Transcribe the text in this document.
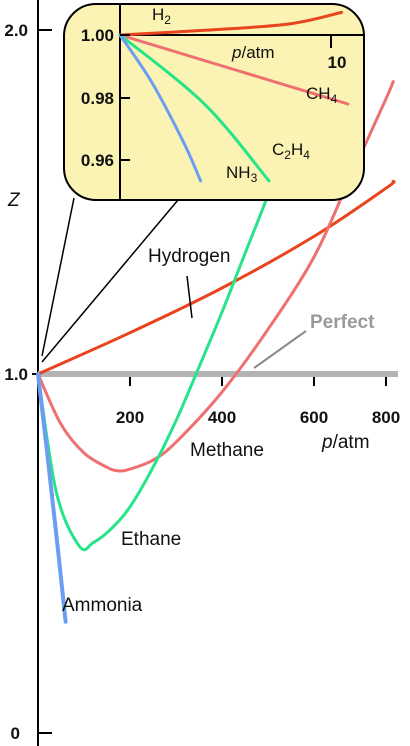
2.0
1.0
0
Z
200	400	600	800
p/atm
Hydrogen
Perfect
Methane
Ethane
Ammonia
1.00
0.98
0.96
10
p/atm
$H_2$
$CH_4$
$C_2H_4$
$NH_3$
